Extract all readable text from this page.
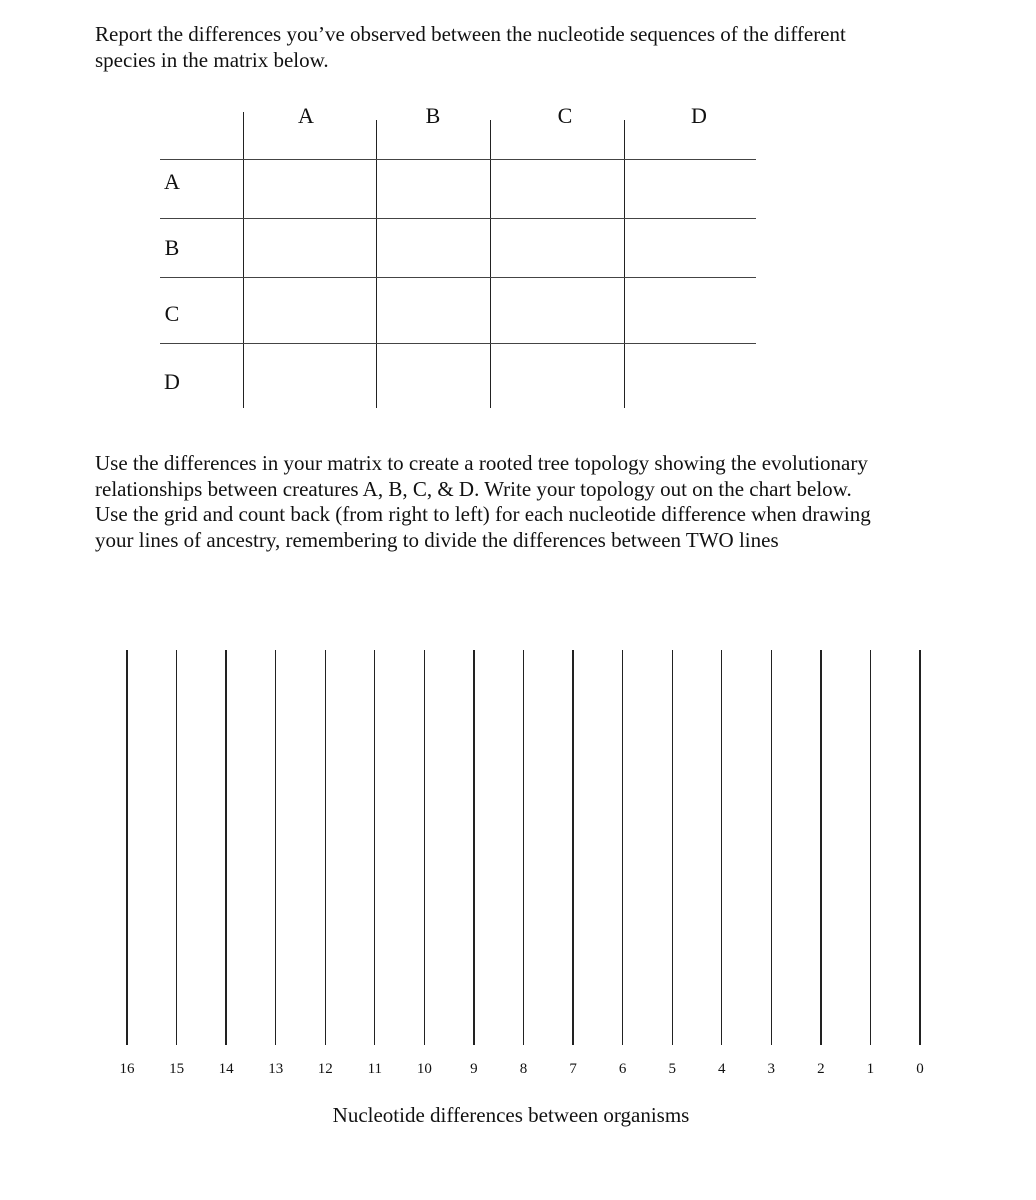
Report the differences you’ve observed between the nucleotide sequences of the different
species in the matrix below.

A	B	C	D
A
B
C
D

Use the differences in your matrix to create a rooted tree topology showing the evolutionary
relationships between creatures A, B, C, & D. Write your topology out on the chart below.
Use the grid and count back (from right to left) for each nucleotide difference when drawing
your lines of ancestry, remembering to divide the differences between TWO lines

16 15 14 13 12 11 10	9	8	7	6	5	4	3	2	1	0
Nucleotide differences between organisms
